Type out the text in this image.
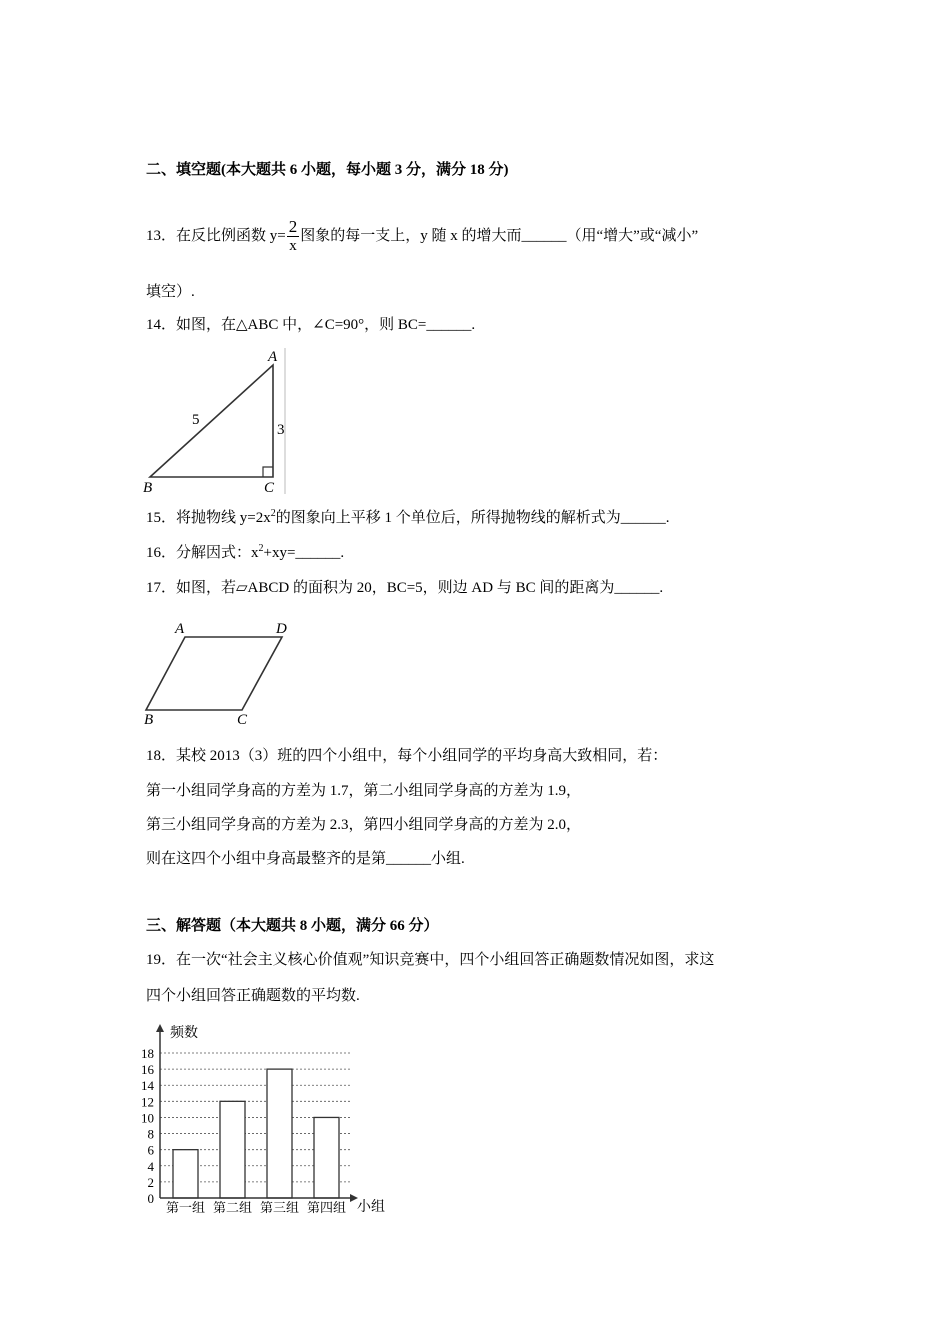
二、填空题(本大题共 6 小题，每小题 3 分，满分 18 分)
13．在反比例函数 $y= \frac{2}{x}$ 图象的每一支上，y 随 x 的增大而______（用“增大”或“减小”
填空）.
14．如图，在△ABC 中，∠C=90°，则 BC=______.
A
B	C
5
3
15．将抛物线 $y=2x^2$的图象向上平移 1 个单位后，所得抛物线的解析式为______.
16．分解因式：$x^2+xy=\_\_\_\_\_\_$.
17．如图，若▱ABCD 的面积为 20，BC=5，则边 AD 与 BC 间的距离为______.
A	D
B	C
18．某校 2013（3）班的四个小组中，每个小组同学的平均身高大致相同，若：
第一小组同学身高的方差为 1.7，第二小组同学身高的方差为 1.9，
第三小组同学身高的方差为 2.3，第四小组同学身高的方差为 2.0，
则在这四个小组中身高最整齐的是第______小组.
三、解答题（本大题共 8 小题，满分 66 分）
19．在一次“社会主义核心价值观”知识竞赛中，四个小组回答正确题数情况如图，求这
四个小组回答正确题数的平均数.
0
2
4
6
8
10
12
14
16
18
第一组 第二组 第三组 第四组
频数
小组
